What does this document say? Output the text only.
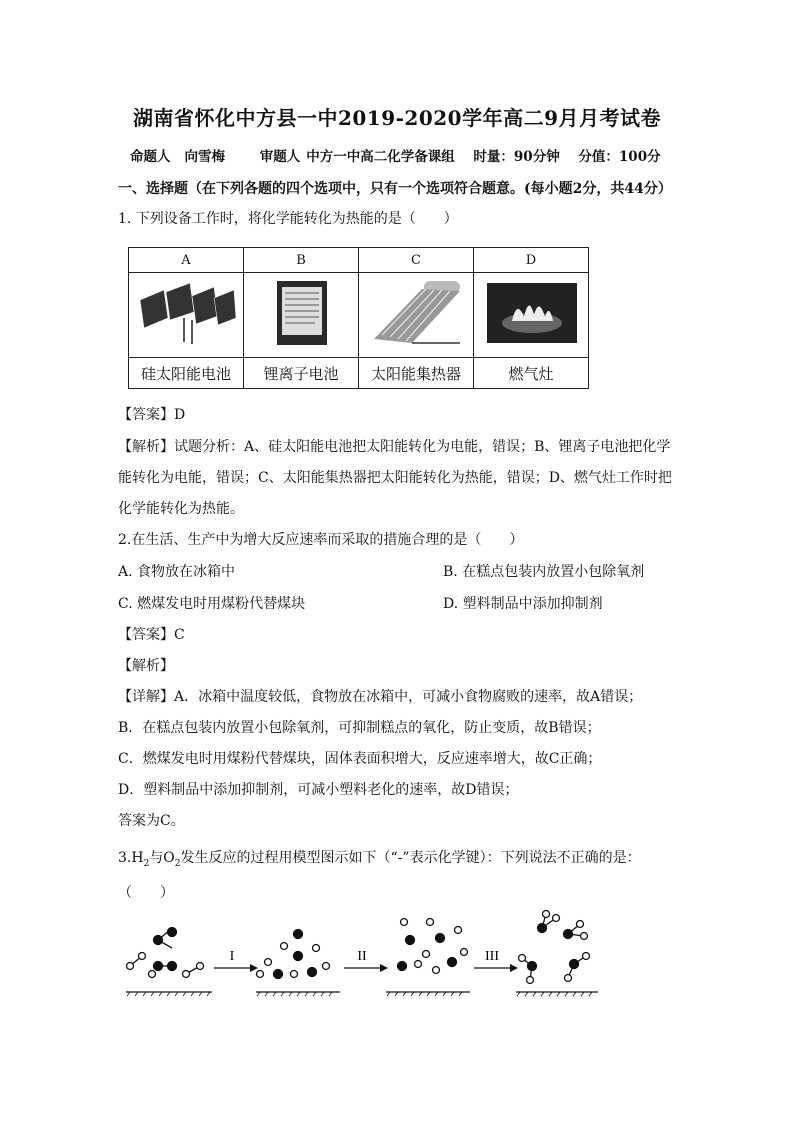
湖南省怀化中方县一中2019-2020学年高二9月月考试卷
命题人 向雪梅	审题人 中方一中高二化学备课组 时量：90分钟 分值：100分
一、选择题（在下列各题的四个选项中，只有一个选项符合题意。(每小题2分，共44分）
1. 下列设备工作时，将化学能转化为热能的是（　　）
A	B	C	D

硅太阳能电池	锂离子电池	太阳能集热器	燃气灶
【答案】D
【解析】试题分析：A、硅太阳能电池把太阳能转化为电能，错误；B、锂离子电池把化学
能转化为电能，错误；C、太阳能集热器把太阳能转化为热能，错误；D、燃气灶工作时把
化学能转化为热能。
2.在生活、生产中为增大反应速率而采取的措施合理的是（　　）
A. 食物放在冰箱中	B. 在糕点包装内放置小包除氧剂
C. 燃煤发电时用煤粉代替煤块	D. 塑料制品中添加抑制剂
【答案】C
【解析】
【详解】A．冰箱中温度较低，食物放在冰箱中，可减小食物腐败的速率，故A错误；
B．在糕点包装内放置小包除氧剂，可抑制糕点的氧化，防止变质，故B错误；
C．燃煤发电时用煤粉代替煤块，固体表面积增大，反应速率增大，故C正确；
D．塑料制品中添加抑制剂，可减小塑料老化的速率，故D错误；
答案为C。
$3.H_2$与$O_2$发生反应的过程用模型图示如下（“-”表示化学键）：下列说法不正确的是：
（　　）
I	II	III
